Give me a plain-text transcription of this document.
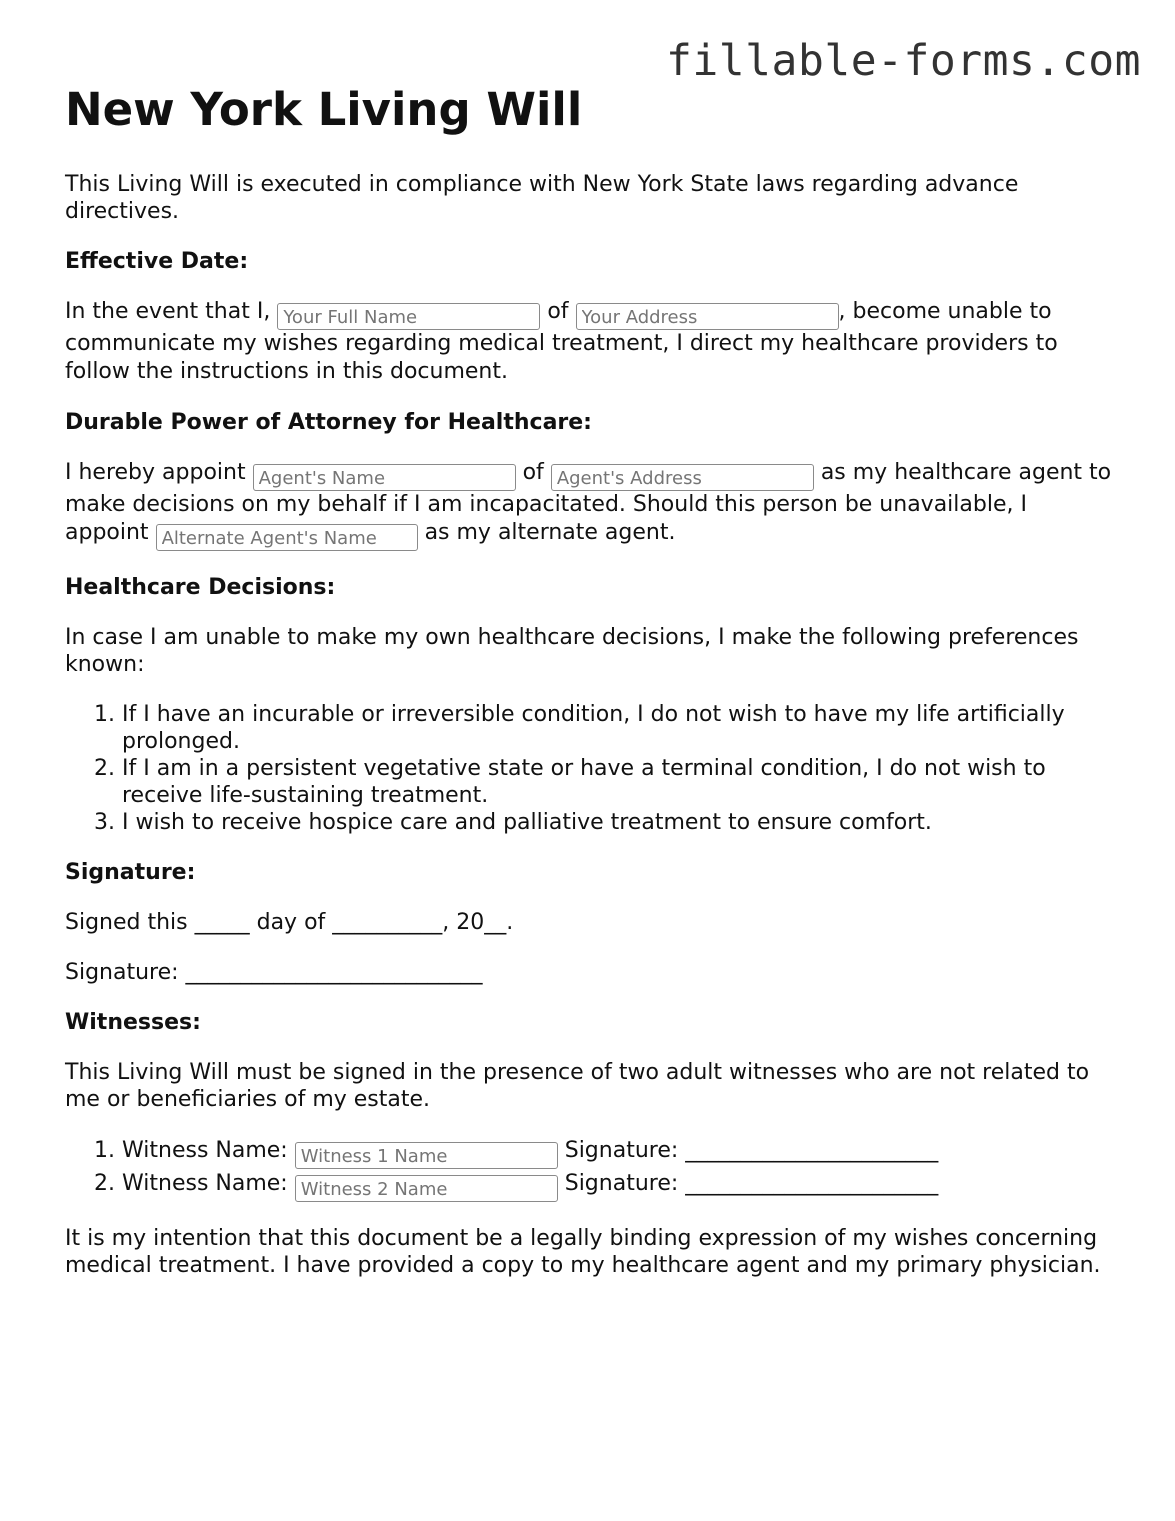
fillable-forms.com
New York Living Will

This Living Will is executed in compliance with New York State laws regarding advance directives.

Effective Date:

In the event that I, Your Full Name	of Your Address	, become unable to communicate my wishes regarding medical treatment, I direct my healthcare providers to follow the instructions in this document.

Durable Power of Attorney for Healthcare:

I hereby appoint Agent's Name	of Agent's Address	as my healthcare agent to make decisions on my behalf if I am incapacitated. Should this person be unavailable, I appoint Alternate Agent's Name	as my alternate agent.

Healthcare Decisions:

In case I am unable to make my own healthcare decisions, I make the following preferences known:

1. If I have an incurable or irreversible condition, I do not wish to have my life artificially prolonged.
2. If I am in a persistent vegetative state or have a terminal condition, I do not wish to receive life-sustaining treatment.
3. I wish to receive hospice care and palliative treatment to ensure comfort.
Signature:

Signed this _____ day of __________, 20__.

Signature: ___________________________

Witnesses:

This Living Will must be signed in the presence of two adult witnesses who are not related to me or beneficiaries of my estate.

1. Witness Name: Witness 1 Name	Signature: _______________________
2. Witness Name: Witness 2 Name	Signature: _______________________

It is my intention that this document be a legally binding expression of my wishes concerning medical treatment. I have provided a copy to my healthcare agent and my primary physician.
